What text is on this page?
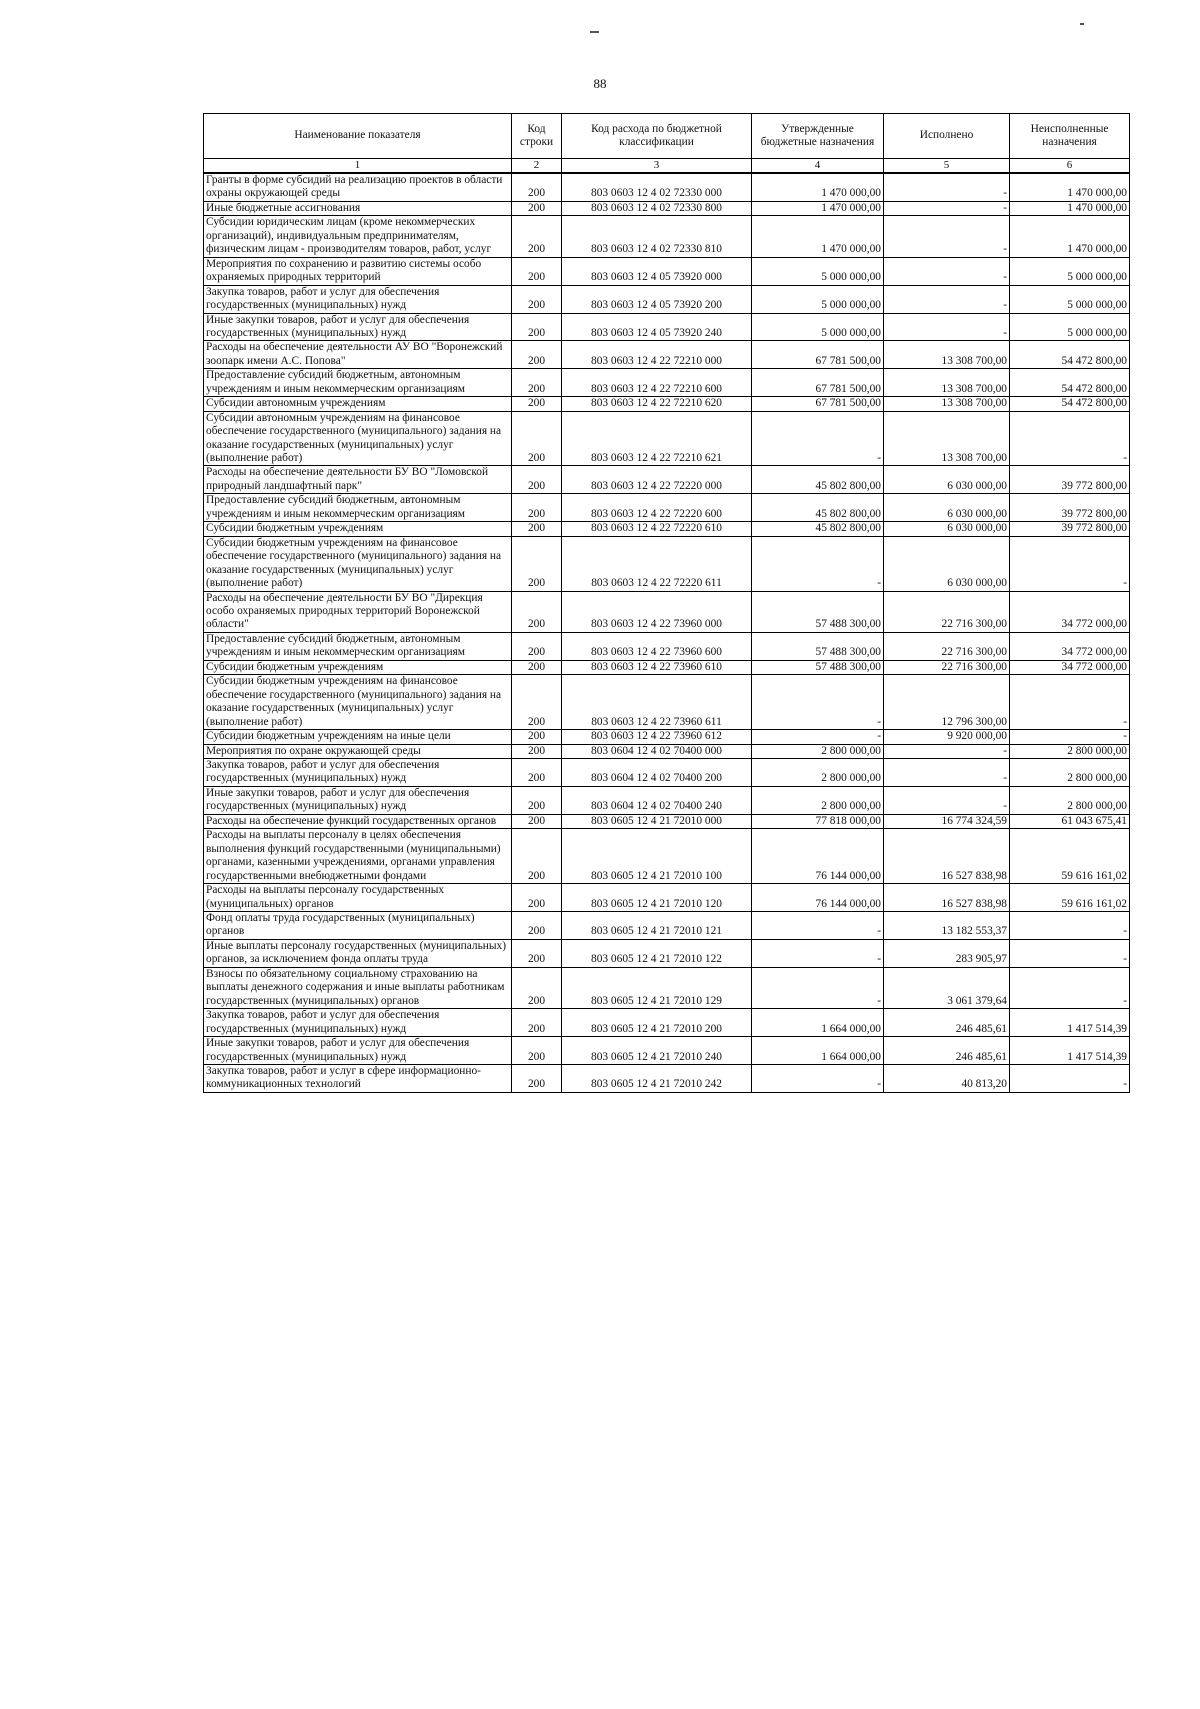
88
Наименование показателя	Код строки	Код расхода по бюджетной классификации	Утвержденные бюджетные назначения	Исполнено	Неисполненные назначения
1	2	3	4	5	6
Гранты в форме субсидий на реализацию проектов в области охраны окружающей среды	200	803 0603 12 4 02 72330 000	1 470 000,00	-	1 470 000,00
Иные бюджетные ассигнования	200	803 0603 12 4 02 72330 800	1 470 000,00	-	1 470 000,00
Субсидии юридическим лицам (кроме некоммерческих организаций), индивидуальным предпринимателям, физическим лицам - производителям товаров, работ, услуг	200	803 0603 12 4 02 72330 810	1 470 000,00	-	1 470 000,00
Мероприятия по сохранению и развитию системы особо охраняемых природных территорий	200	803 0603 12 4 05 73920 000	5 000 000,00	-	5 000 000,00
Закупка товаров, работ и услуг для обеспечения государственных (муниципальных) нужд	200	803 0603 12 4 05 73920 200	5 000 000,00	-	5 000 000,00
Иные закупки товаров, работ и услуг для обеспечения государственных (муниципальных) нужд	200	803 0603 12 4 05 73920 240	5 000 000,00	-	5 000 000,00
Расходы на обеспечение деятельности АУ ВО "Воронежский зоопарк имени А.С. Попова"	200	803 0603 12 4 22 72210 000	67 781 500,00	13 308 700,00	54 472 800,00
Предоставление субсидий бюджетным, автономным учреждениям и иным некоммерческим организациям	200	803 0603 12 4 22 72210 600	67 781 500,00	13 308 700,00	54 472 800,00
Субсидии автономным учреждениям	200	803 0603 12 4 22 72210 620	67 781 500,00	13 308 700,00	54 472 800,00
Субсидии автономным учреждениям на финансовое обеспечение государственного (муниципального) задания на оказание государственных (муниципальных) услуг (выполнение работ)	200	803 0603 12 4 22 72210 621	-	13 308 700,00	-
Расходы на обеспечение деятельности БУ ВО "Ломовской природный ландшафтный парк"	200	803 0603 12 4 22 72220 000	45 802 800,00	6 030 000,00	39 772 800,00
Предоставление субсидий бюджетным, автономным учреждениям и иным некоммерческим организациям	200	803 0603 12 4 22 72220 600	45 802 800,00	6 030 000,00	39 772 800,00
Субсидии бюджетным учреждениям	200	803 0603 12 4 22 72220 610	45 802 800,00	6 030 000,00	39 772 800,00
Субсидии бюджетным учреждениям на финансовое обеспечение государственного (муниципального) задания на оказание государственных (муниципальных) услуг (выполнение работ)	200	803 0603 12 4 22 72220 611	-	6 030 000,00	-
Расходы на обеспечение деятельности БУ ВО "Дирекция особо охраняемых природных территорий Воронежской области"	200	803 0603 12 4 22 73960 000	57 488 300,00	22 716 300,00	34 772 000,00
Предоставление субсидий бюджетным, автономным учреждениям и иным некоммерческим организациям	200	803 0603 12 4 22 73960 600	57 488 300,00	22 716 300,00	34 772 000,00
Субсидии бюджетным учреждениям	200	803 0603 12 4 22 73960 610	57 488 300,00	22 716 300,00	34 772 000,00
Субсидии бюджетным учреждениям на финансовое обеспечение государственного (муниципального) задания на оказание государственных (муниципальных) услуг (выполнение работ)	200	803 0603 12 4 22 73960 611	-	12 796 300,00	-
Субсидии бюджетным учреждениям на иные цели	200	803 0603 12 4 22 73960 612	-	9 920 000,00	-
Мероприятия по охране окружающей среды	200	803 0604 12 4 02 70400 000	2 800 000,00	-	2 800 000,00
Закупка товаров, работ и услуг для обеспечения государственных (муниципальных) нужд	200	803 0604 12 4 02 70400 200	2 800 000,00	-	2 800 000,00
Иные закупки товаров, работ и услуг для обеспечения государственных (муниципальных) нужд	200	803 0604 12 4 02 70400 240	2 800 000,00	-	2 800 000,00
Расходы на обеспечение функций государственных органов	200	803 0605 12 4 21 72010 000	77 818 000,00	16 774 324,59	61 043 675,41
Расходы на выплаты персоналу в целях обеспечения выполнения функций государственными (муниципальными) органами, казенными учреждениями, органами управления государственными внебюджетными фондами	200	803 0605 12 4 21 72010 100	76 144 000,00	16 527 838,98	59 616 161,02
Расходы на выплаты персоналу государственных (муниципальных) органов	200	803 0605 12 4 21 72010 120	76 144 000,00	16 527 838,98	59 616 161,02
Фонд оплаты труда государственных (муниципальных) органов	200	803 0605 12 4 21 72010 121	-	13 182 553,37	-
Иные выплаты персоналу государственных (муниципальных) органов, за исключением фонда оплаты труда	200	803 0605 12 4 21 72010 122	-	283 905,97	-
Взносы по обязательному социальному страхованию на выплаты денежного содержания и иные выплаты работникам государственных (муниципальных) органов	200	803 0605 12 4 21 72010 129	-	3 061 379,64	-
Закупка товаров, работ и услуг для обеспечения государственных (муниципальных) нужд	200	803 0605 12 4 21 72010 200	1 664 000,00	246 485,61	1 417 514,39
Иные закупки товаров, работ и услуг для обеспечения государственных (муниципальных) нужд	200	803 0605 12 4 21 72010 240	1 664 000,00	246 485,61	1 417 514,39
Закупка товаров, работ и услуг в сфере информационно-коммуникационных технологий	200	803 0605 12 4 21 72010 242	-	40 813,20	-
